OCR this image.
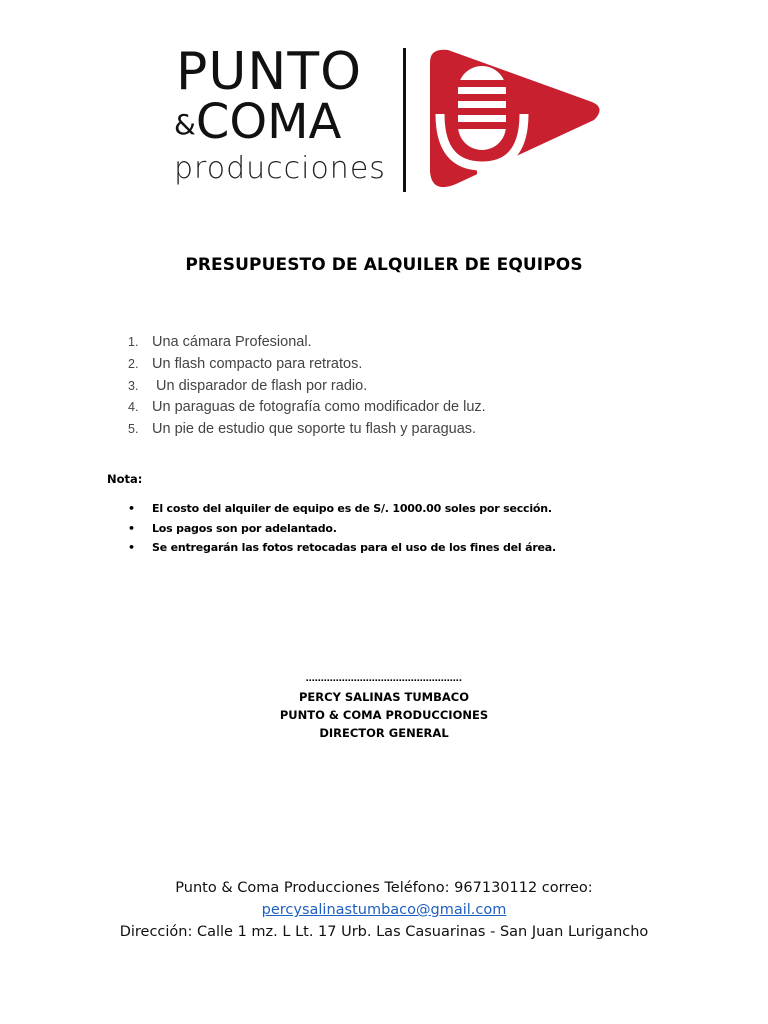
PUNTO
&COMA
producciones
PRESUPUESTO DE ALQUILER DE EQUIPOS
1. Una cámara Profesional.
2. Un flash compacto para retratos.
3. Un disparador de flash por radio.
4. Un paraguas de fotografía como modificador de luz.
5. Un pie de estudio que soporte tu flash y paraguas.
Nota:
• El costo del alquiler de equipo es de S/. 1000.00 soles por sección.
• Los pagos son por adelantado.
• Se entregarán las fotos retocadas para el uso de los fines del área.
…………………………………………….
PERCY SALINAS TUMBACO
PUNTO & COMA PRODUCCIONES
DIRECTOR GENERAL
Punto & Coma Producciones Teléfono: 967130112 correo:
percysalinastumbaco@gmail.com
Dirección: Calle 1 mz. L Lt. 17 Urb. Las Casuarinas - San Juan Lurigancho
